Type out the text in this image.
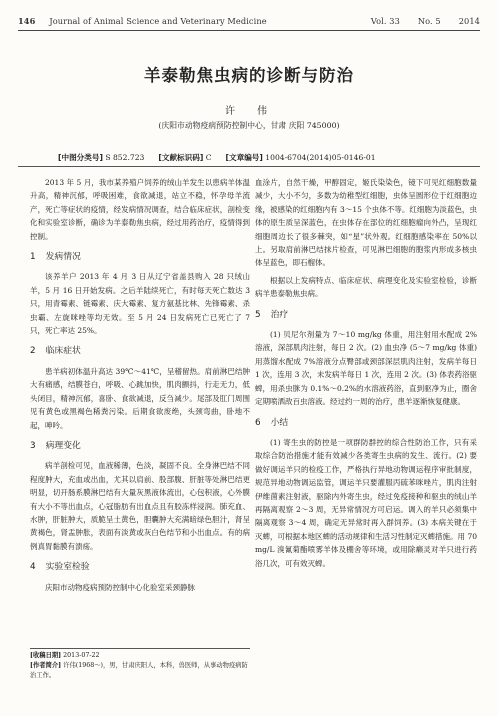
146 Journal of Animal Science and Veterinary Medicine	Vol. 33 No. 5 2014
羊泰勒焦虫病的诊断与防治
许　伟
(庆阳市动物疫病预防控制中心，甘肃 庆阳 745000)
[中图分类号] S 852.723 [文献标识码] C [文章编号] 1004-6704(2014)05-0146-01

2013 年 5 月，我市某养殖户饲养的绒山羊发生以患病羊体温升高，精神沉郁，呼吸困难，食欲减退，站立不稳，怀孕母羊流产，死亡等症状的疫情，经发病情况调查，结合临床症状，剖检变化和实验室诊断，确诊为羊泰勒焦虫病，经过用药治疗，疫情得到控制。

1 发病情况

该养羊户 2013 年 4 月 3 日从辽宁省盖县购入 28 只绒山羊，5 月 16 日开始发病。之后羊陆续死亡，有时每天死亡数达 3 只，用青霉素、链霉素、庆大霉素、复方氨基比林、先锋霉素、杀虫霸、左旋咪唑等均无效。至 5 月 24 日发病死亡已死亡了 7 只，死亡率达 25%。

2 临床症状

患羊病初体温升高达 39℃～41℃，呈稽留热。肩前淋巴结肿大有痛感，结膜苍白，呼吸、心跳加快，肌肉颤抖，行走无力，低头闭目，精神沉郁，喜卧、食欲减退，反刍减少。尾部及肛门周围见有黄色或黑褐色稀粪污染。后期食欲废绝，头颈弯曲，卧地不起，呻吟。

3 病理变化

病羊剖检可见，血液稀薄，色淡，凝固不良。全身淋巴结不同程度肿大，充血或出血，尤其以肩前、股部腹、肝脏等处淋巴结更明显，切开肠系膜淋巴结有大量灰黑液体流出，心包积液，心外膜有大小不等出血点，心冠脂肪有出血点且有胶冻样浸润。肺充血、水肿，肝脏肿大，质脆呈土黄色，胆囊肿大充满暗绿色胆汁，肾呈黄褐色，肾盂肿胀，表面有淡黄或灰白色结节和小出血点。有的病例真胃黏膜有溃疡。

4 实验室检验

庆阳市动物疫病预防控制中心化验室采颈静脉

血涂片，自然干燥，甲醇固定，姬氏染染色，镜下可见红细胞数量减少，大小不匀，多数为幼稚型红细胞，虫体呈圆形位于红细胞边缘，被感染的红细胞内有 3～15 个虫体不等。红细胞为淡蓝色，虫体的原生质呈深蓝色，在虫体存在部位的红细胞瘤向外凸，呈现红细胞周边长了很多棘突，如“星”状外观。红细胞感染率在 50%以上。另取肩前淋巴结抹片检查，可见淋巴细胞的胞浆内形成多核虫体呈蓝色，即石榴体。

根据以上发病特点、临床症状、病理变化及实验室检验，诊断病羊患泰勒焦虫病。

5 治疗

(1) 贝尼尔剂量为 7～10 mg/kg 体重，用注射用水配成 2%溶液，深部肌肉注射，每日 2 次。(2) 血虫净 (5～7 mg/kg 体重) 用蒸馏水配成 7%溶液分点臀部或颈部深层肌肉注射，发病羊每日 1 次，连用 3 次，未发病羊每日 1 次，连用 2 次。(3) 体表药浴驱蜱，用杀虫脒为 0.1%～0.2%的水溶液药浴，直到驱净为止，圈舍定期喷洒敌百虫溶液。经过约一周的治疗，患羊逐渐恢复健康。

6 小结

(1) 寄生虫的防控是一项群防群控的综合性防治工作，只有采取综合防治措施才能有效减少各类寄生虫病的发生、流行。(2) 要做好调运羊只的检疫工作，严格执行异地动物调运程序审批制度，规范异地动物调运监管，调运羊只要灌服丙硫苯咪唑片，肌肉注射伊维菌素注射液，驱除内外寄生虫，经过免疫接种和驱虫的绒山羊再隔离观察 2～3 周，无异常情况方可启运。调入的羊只必须集中隔离观察 3～4 周，确定无异常时再入群饲养。(3) 本病关键在于灭蜱，可根据本地区蜱的活动规律和生活习性制定灭蜱措施。用 70 mg/L 溴氰菊酯喷雾羊体及棚舍等环境，或用除癞灵对羊只进行药浴几次，可有效灭蜱。

[收稿日期] 2013-07-22
[作者简介] 许伟(1968～)，男，甘肃庆阳人，本科，兽医师，从事动物疫病防治工作。
